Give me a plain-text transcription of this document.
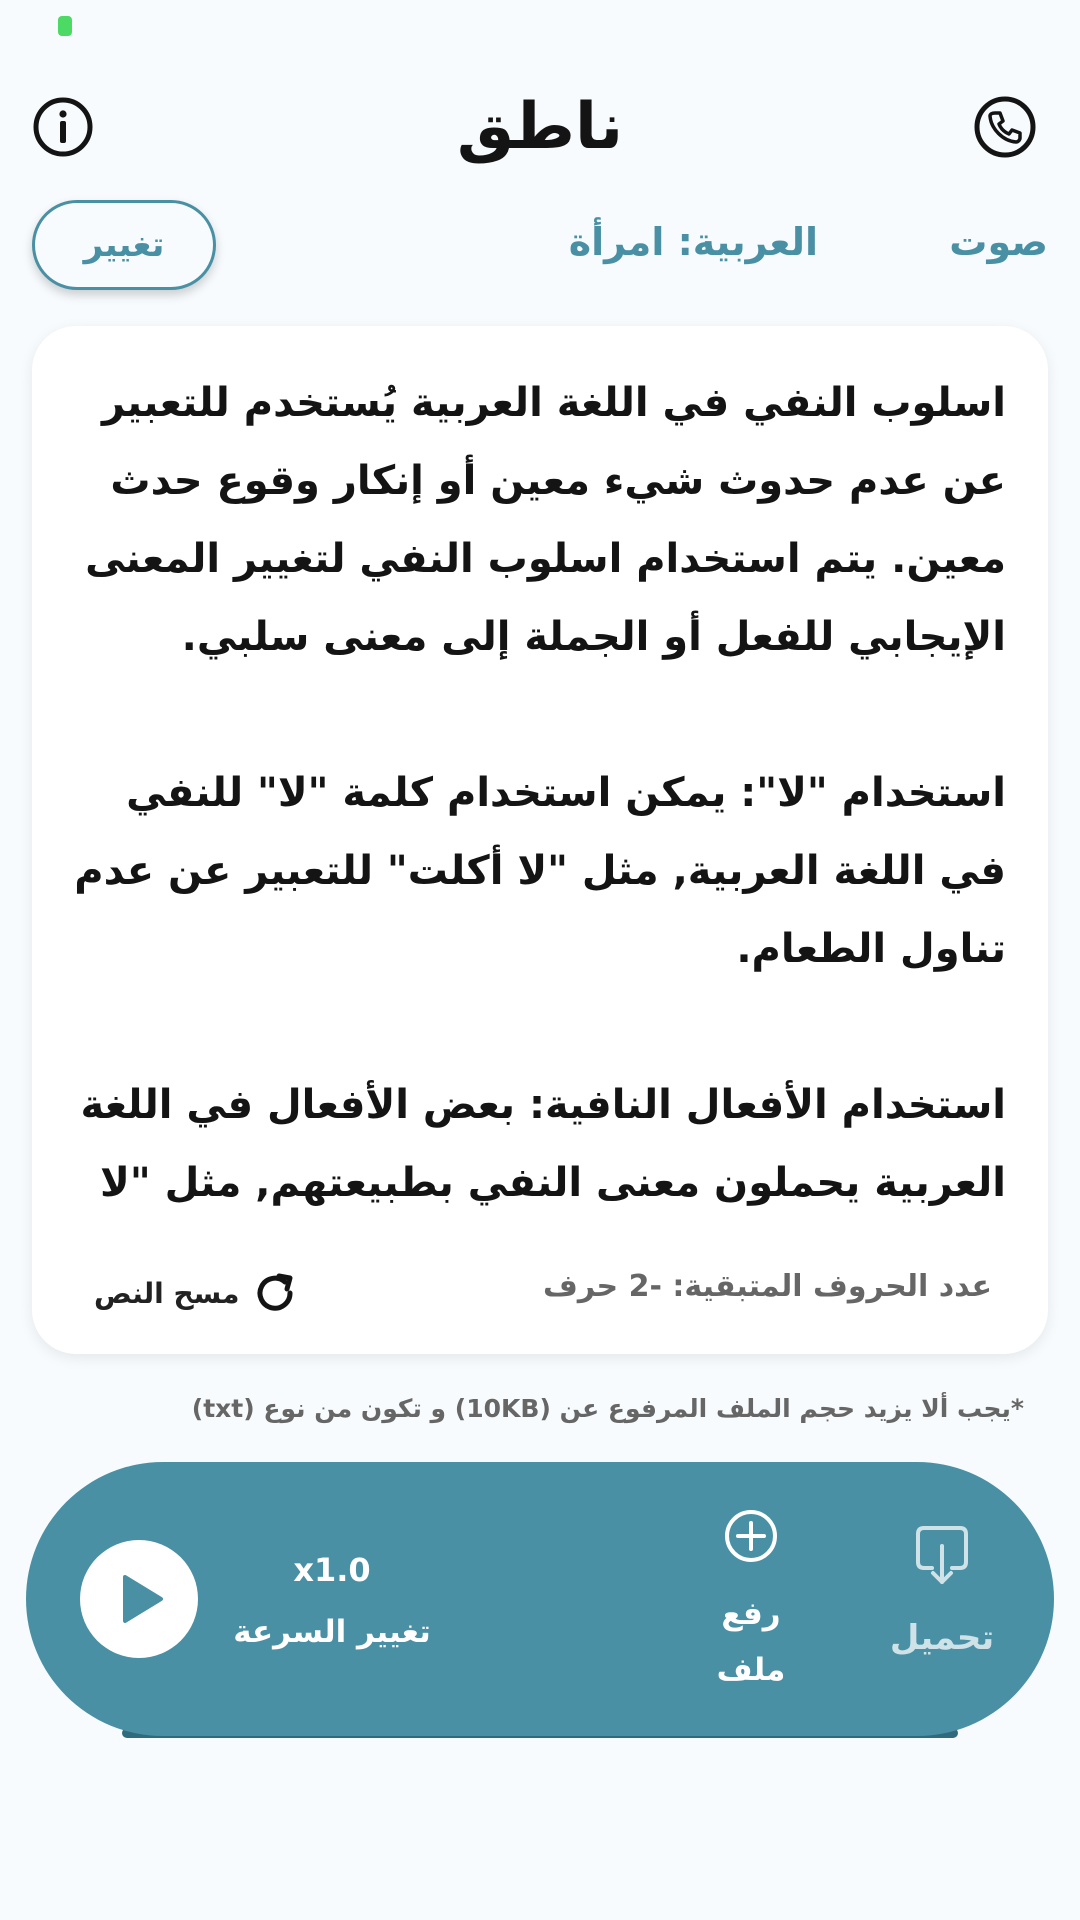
ناطق
صوت
العربية: امرأة
تغيير
اسلوب النفي في اللغة العربية يُستخدم للتعبير عن عدم حدوث شيء معين أو إنكار وقوع حدث معين. يتم استخدام اسلوب النفي لتغيير المعنى الإيجابي للفعل أو الجملة إلى معنى سلبي.

استخدام "لا": يمكن استخدام كلمة "لا" للنفي في اللغة العربية, مثل "لا أكلت" للتعبير عن عدم تناول الطعام.

استخدام الأفعال النافية: بعض الأفعال في اللغة العربية يحملون معنى النفي بطبيعتهم, مثل "لا
عدد الحروف المتبقية: -2 حرف
مسح النص
*يجب ألا يزيد حجم الملف المرفوع عن (10KB) و تكون من نوع (txt)
x1.0
تغيير السرعة	رفع
ملف
تحميل
